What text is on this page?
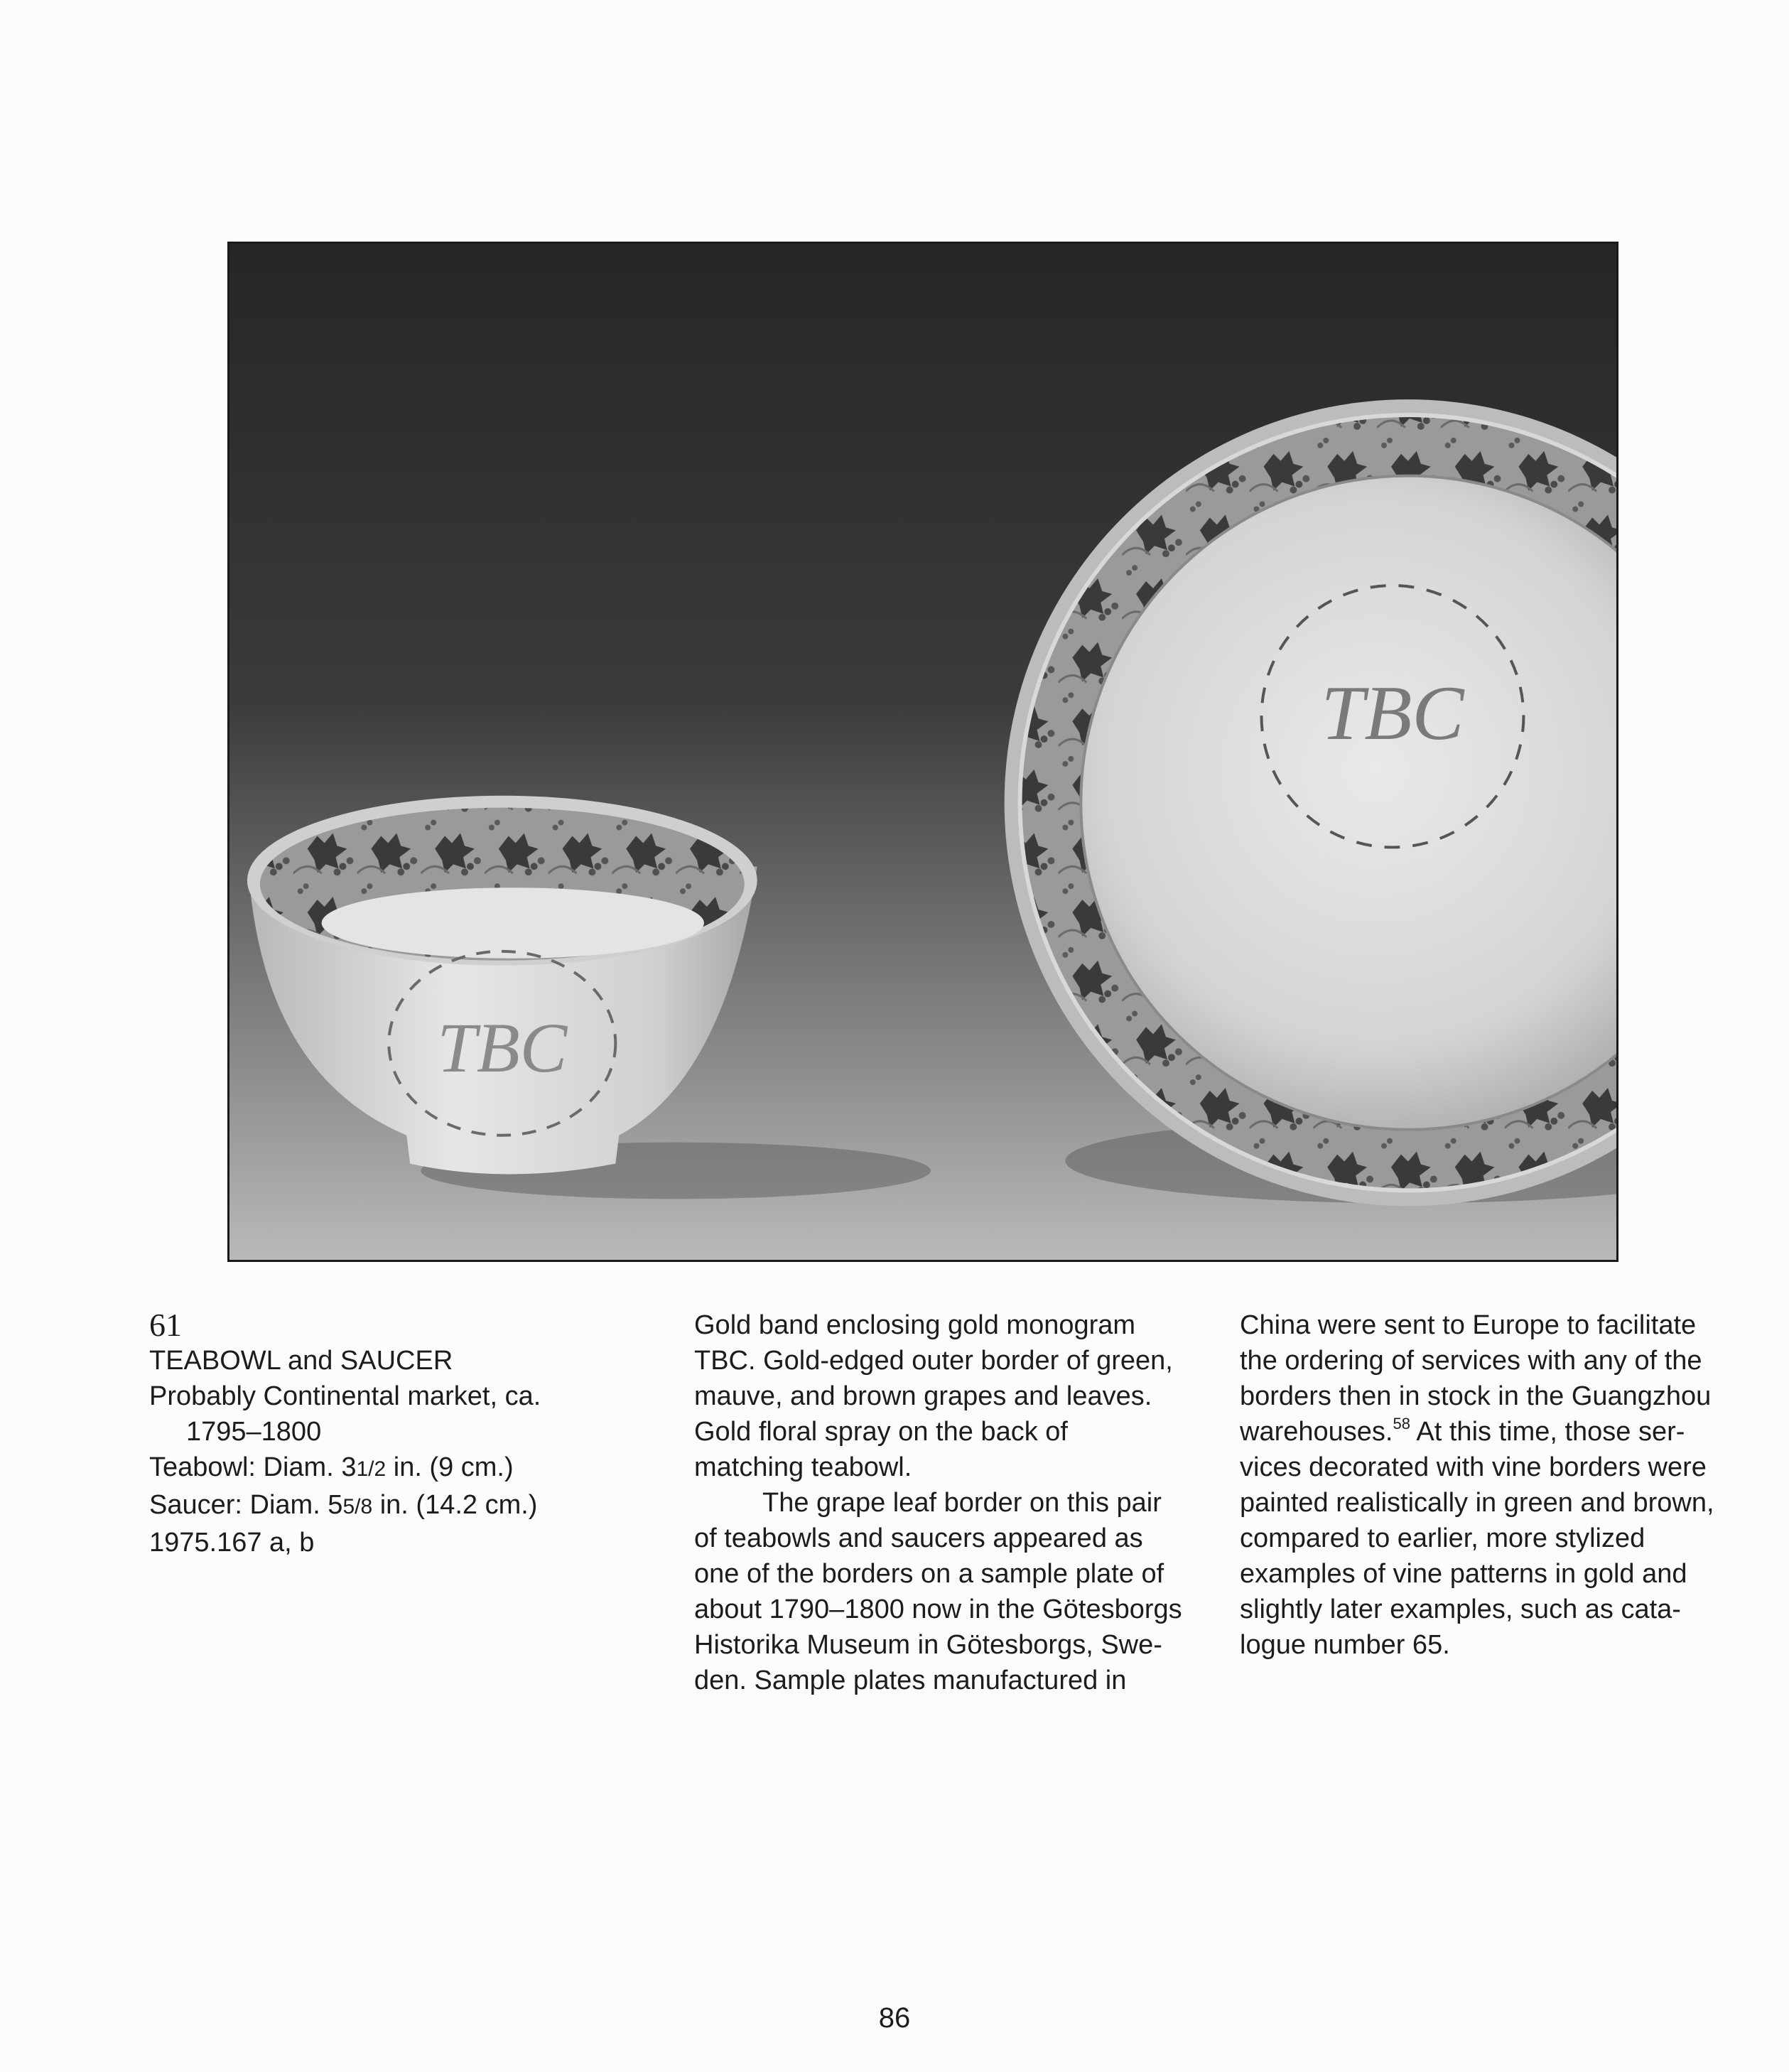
TBC
TBC
61
TEABOWL and SAUCER
Probably Continental market, ca.
1795–1800
Teabowl: Diam. 31/2 in. (9 cm.)
Saucer: Diam. 55/8 in. (14.2 cm.)
1975.167 a, b
Gold band enclosing gold monogram
TBC. Gold-edged outer border of green,
mauve, and brown grapes and leaves.
Gold floral spray on the back of
matching teabowl.
The grape leaf border on this pair
of teabowls and saucers appeared as
one of the borders on a sample plate of
about 1790–1800 now in the Götesborgs
Historika Museum in Götesborgs, Swe-
den. Sample plates manufactured in
China were sent to Europe to facilitate
the ordering of services with any of the
borders then in stock in the Guangzhou
warehouses.$^{58}$ At this time, those ser-
vices decorated with vine borders were
painted realistically in green and brown,
compared to earlier, more stylized
examples of vine patterns in gold and
slightly later examples, such as cata-
logue number 65.
86
